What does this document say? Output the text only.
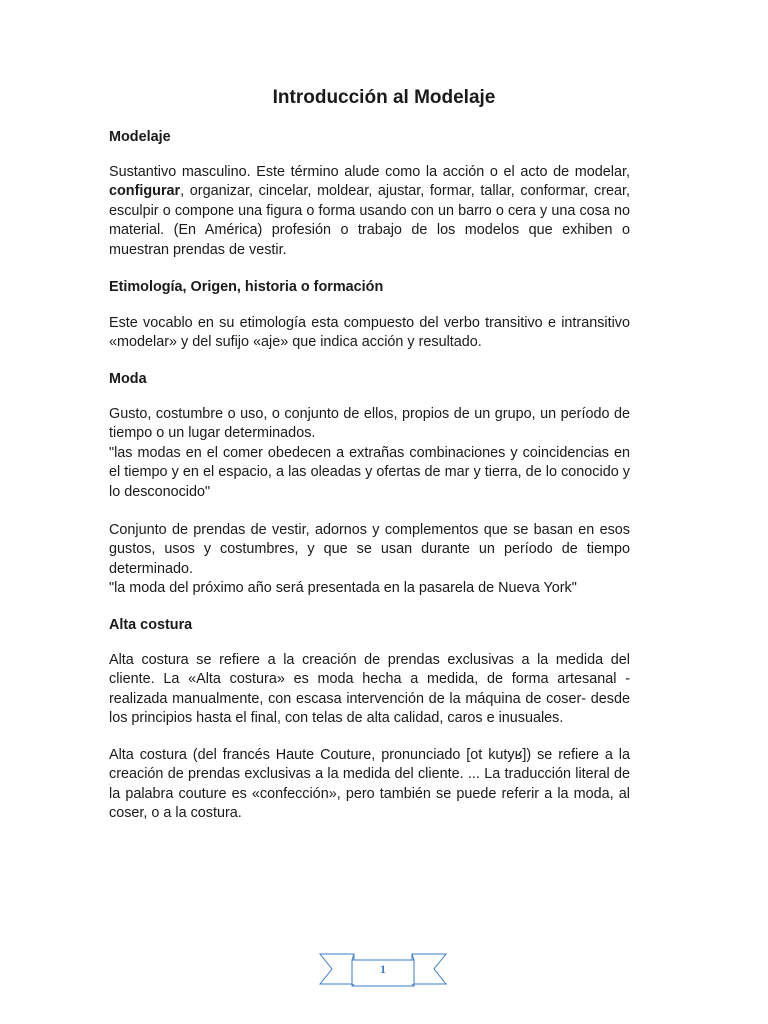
Introducción al Modelaje
Modelaje

Sustantivo masculino. Este término alude como la acción o el acto de modelar, configurar, organizar, cincelar, moldear, ajustar, formar, tallar, conformar, crear, esculpir o compone una figura o forma usando con un barro o cera y una cosa no material. (En América) profesión o trabajo de los modelos que exhiben o muestran prendas de vestir.

Etimología, Origen, historia o formación

Este vocablo en su etimología esta compuesto del verbo transitivo e intransitivo «modelar» y del sufijo «aje» que indica acción y resultado.

Moda

Gusto, costumbre o uso, o conjunto de ellos, propios de un grupo, un período de tiempo o un lugar determinados.

"las modas en el comer obedecen a extrañas combinaciones y coincidencias en el tiempo y en el espacio, a las oleadas y ofertas de mar y tierra, de lo conocido y lo desconocido"

Conjunto de prendas de vestir, adornos y complementos que se basan en esos gustos, usos y costumbres, y que se usan durante un período de tiempo determinado.

"la moda del próximo año será presentada en la pasarela de Nueva York"

Alta costura

Alta costura se refiere a la creación de prendas exclusivas a la medida del cliente. La «Alta costura» es moda hecha a medida, de forma artesanal - realizada manualmente, con escasa intervención de la máquina de coser- desde los principios hasta el final, con telas de alta calidad, caros e inusuales.

Alta costura (del francés Haute Couture, pronunciado [ot kutyʁ]) se refiere a la creación de prendas exclusivas a la medida del cliente. ... La traducción literal de la palabra couture es «confección», pero también se puede referir a la moda, al coser, o a la costura.

1
